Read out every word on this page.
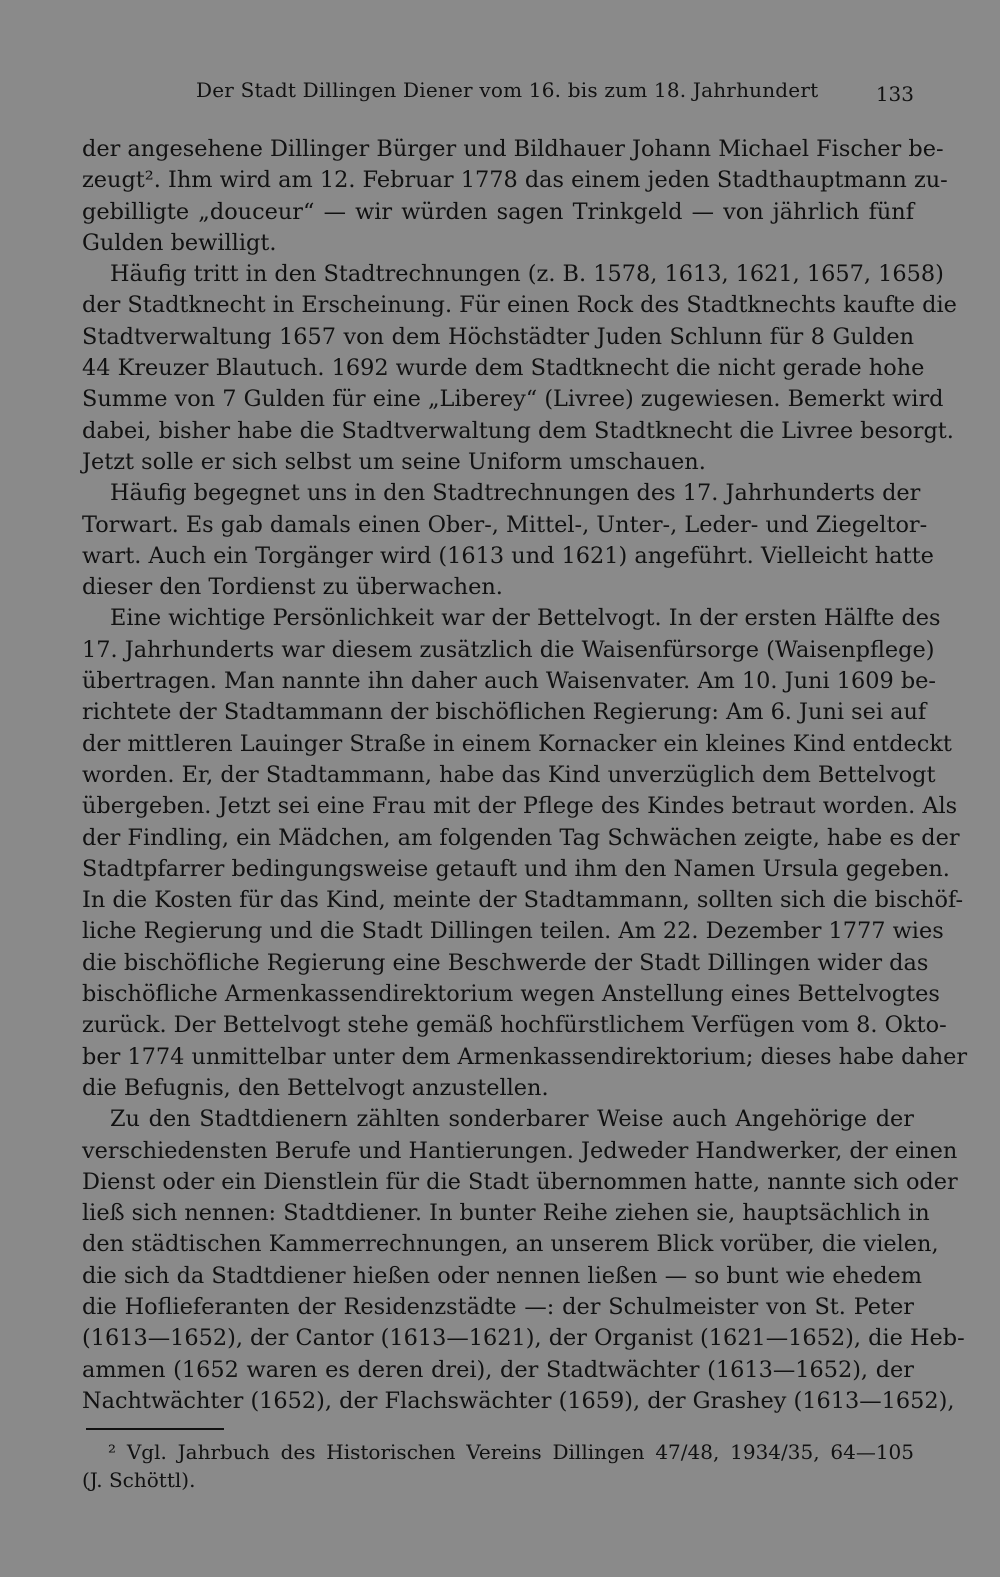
Der Stadt Dillingen Diener vom 16. bis zum 18. Jahrhundert	133
der angesehene Dillinger Bürger und Bildhauer Johann Michael Fischer be-
zeugt². Ihm wird am 12. Februar 1778 das einem jeden Stadthauptmann zu-
gebilligte „douceur“ — wir würden sagen Trinkgeld — von jährlich fünf
Gulden bewilligt.
Häufig tritt in den Stadtrechnungen (z. B. 1578, 1613, 1621, 1657, 1658)
der Stadtknecht in Erscheinung. Für einen Rock des Stadtknechts kaufte die
Stadtverwaltung 1657 von dem Höchstädter Juden Schlunn für 8 Gulden
44 Kreuzer Blautuch. 1692 wurde dem Stadtknecht die nicht gerade hohe
Summe von 7 Gulden für eine „Liberey“ (Livree) zugewiesen. Bemerkt wird
dabei, bisher habe die Stadtverwaltung dem Stadtknecht die Livree besorgt.
Jetzt solle er sich selbst um seine Uniform umschauen.
Häufig begegnet uns in den Stadtrechnungen des 17. Jahrhunderts der
Torwart. Es gab damals einen Ober-, Mittel-, Unter-, Leder- und Ziegeltor-
wart. Auch ein Torgänger wird (1613 und 1621) angeführt. Vielleicht hatte
dieser den Tordienst zu überwachen.
Eine wichtige Persönlichkeit war der Bettelvogt. In der ersten Hälfte des
17. Jahrhunderts war diesem zusätzlich die Waisenfürsorge (Waisenpflege)
übertragen. Man nannte ihn daher auch Waisenvater. Am 10. Juni 1609 be-
richtete der Stadtammann der bischöflichen Regierung: Am 6. Juni sei auf
der mittleren Lauinger Straße in einem Kornacker ein kleines Kind entdeckt
worden. Er, der Stadtammann, habe das Kind unverzüglich dem Bettelvogt
übergeben. Jetzt sei eine Frau mit der Pflege des Kindes betraut worden. Als
der Findling, ein Mädchen, am folgenden Tag Schwächen zeigte, habe es der
Stadtpfarrer bedingungsweise getauft und ihm den Namen Ursula gegeben.
In die Kosten für das Kind, meinte der Stadtammann, sollten sich die bischöf-
liche Regierung und die Stadt Dillingen teilen. Am 22. Dezember 1777 wies
die bischöfliche Regierung eine Beschwerde der Stadt Dillingen wider das
bischöfliche Armenkassendirektorium wegen Anstellung eines Bettelvogtes
zurück. Der Bettelvogt stehe gemäß hochfürstlichem Verfügen vom 8. Okto-
ber 1774 unmittelbar unter dem Armenkassendirektorium; dieses habe daher
die Befugnis, den Bettelvogt anzustellen.
Zu den Stadtdienern zählten sonderbarer Weise auch Angehörige der
verschiedensten Berufe und Hantierungen. Jedweder Handwerker, der einen
Dienst oder ein Dienstlein für die Stadt übernommen hatte, nannte sich oder
ließ sich nennen: Stadtdiener. In bunter Reihe ziehen sie, hauptsächlich in
den städtischen Kammerrechnungen, an unserem Blick vorüber, die vielen,
die sich da Stadtdiener hießen oder nennen ließen — so bunt wie ehedem
die Hoflieferanten der Residenzstädte —: der Schulmeister von St. Peter
(1613—1652), der Cantor (1613—1621), der Organist (1621—1652), die Heb-
ammen (1652 waren es deren drei), der Stadtwächter (1613—1652), der
Nachtwächter (1652), der Flachswächter (1659), der Grashey (1613—1652),
² Vgl. Jahrbuch des Historischen Vereins Dillingen 47/48, 1934/35, 64—105
(J. Schöttl).
